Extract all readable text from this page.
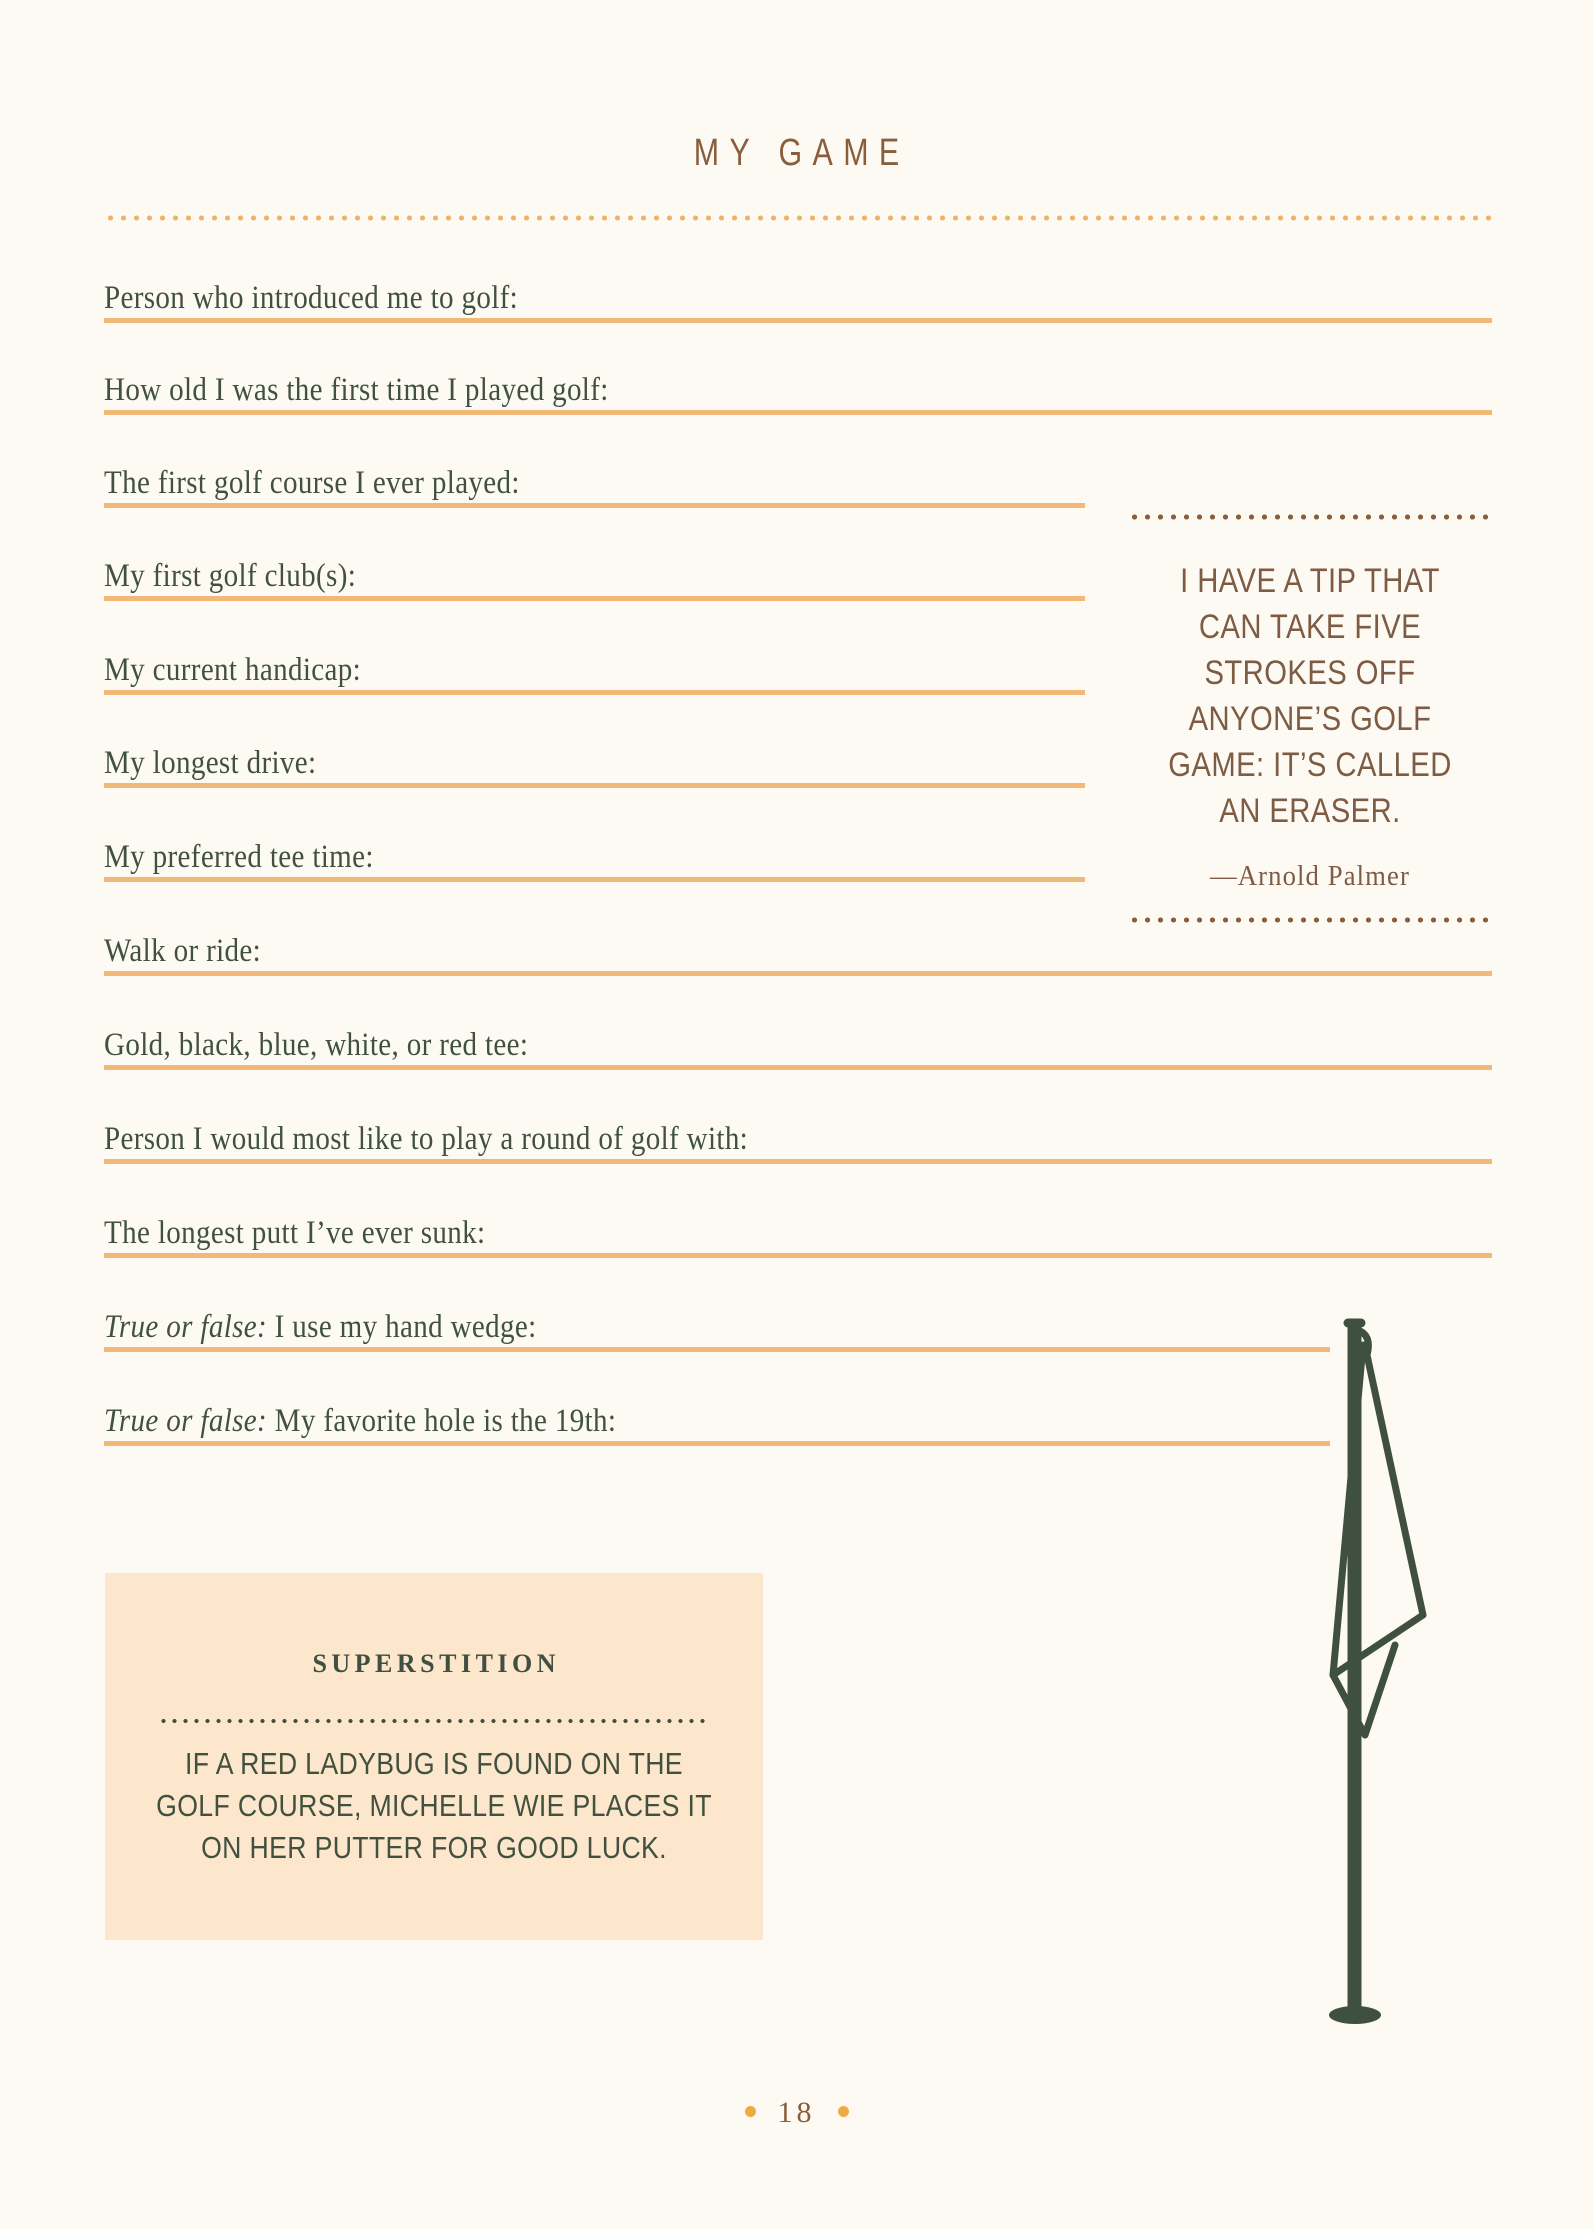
MY GAME
Person who introduced me to golf:
How old I was the first time I played golf:
The first golf course I ever played:
My first golf club(s):
My current handicap:
My longest drive:
My preferred tee time:
Walk or ride:
Gold, black, blue, white, or red tee:
Person I would most like to play a round of golf with:
The longest putt I’ve ever sunk:
True or false: I use my hand wedge:
True or false: My favorite hole is the 19th:
I HAVE A TIP THAT CAN TAKE FIVE STROKES OFF ANYONE’S GOLF GAME: IT’S CALLED AN ERASER.
—Arnold Palmer
SUPERSTITION
IF A RED LADYBUG IS FOUND ON THE GOLF COURSE, MICHELLE WIE PLACES IT ON HER PUTTER FOR GOOD LUCK.
18
